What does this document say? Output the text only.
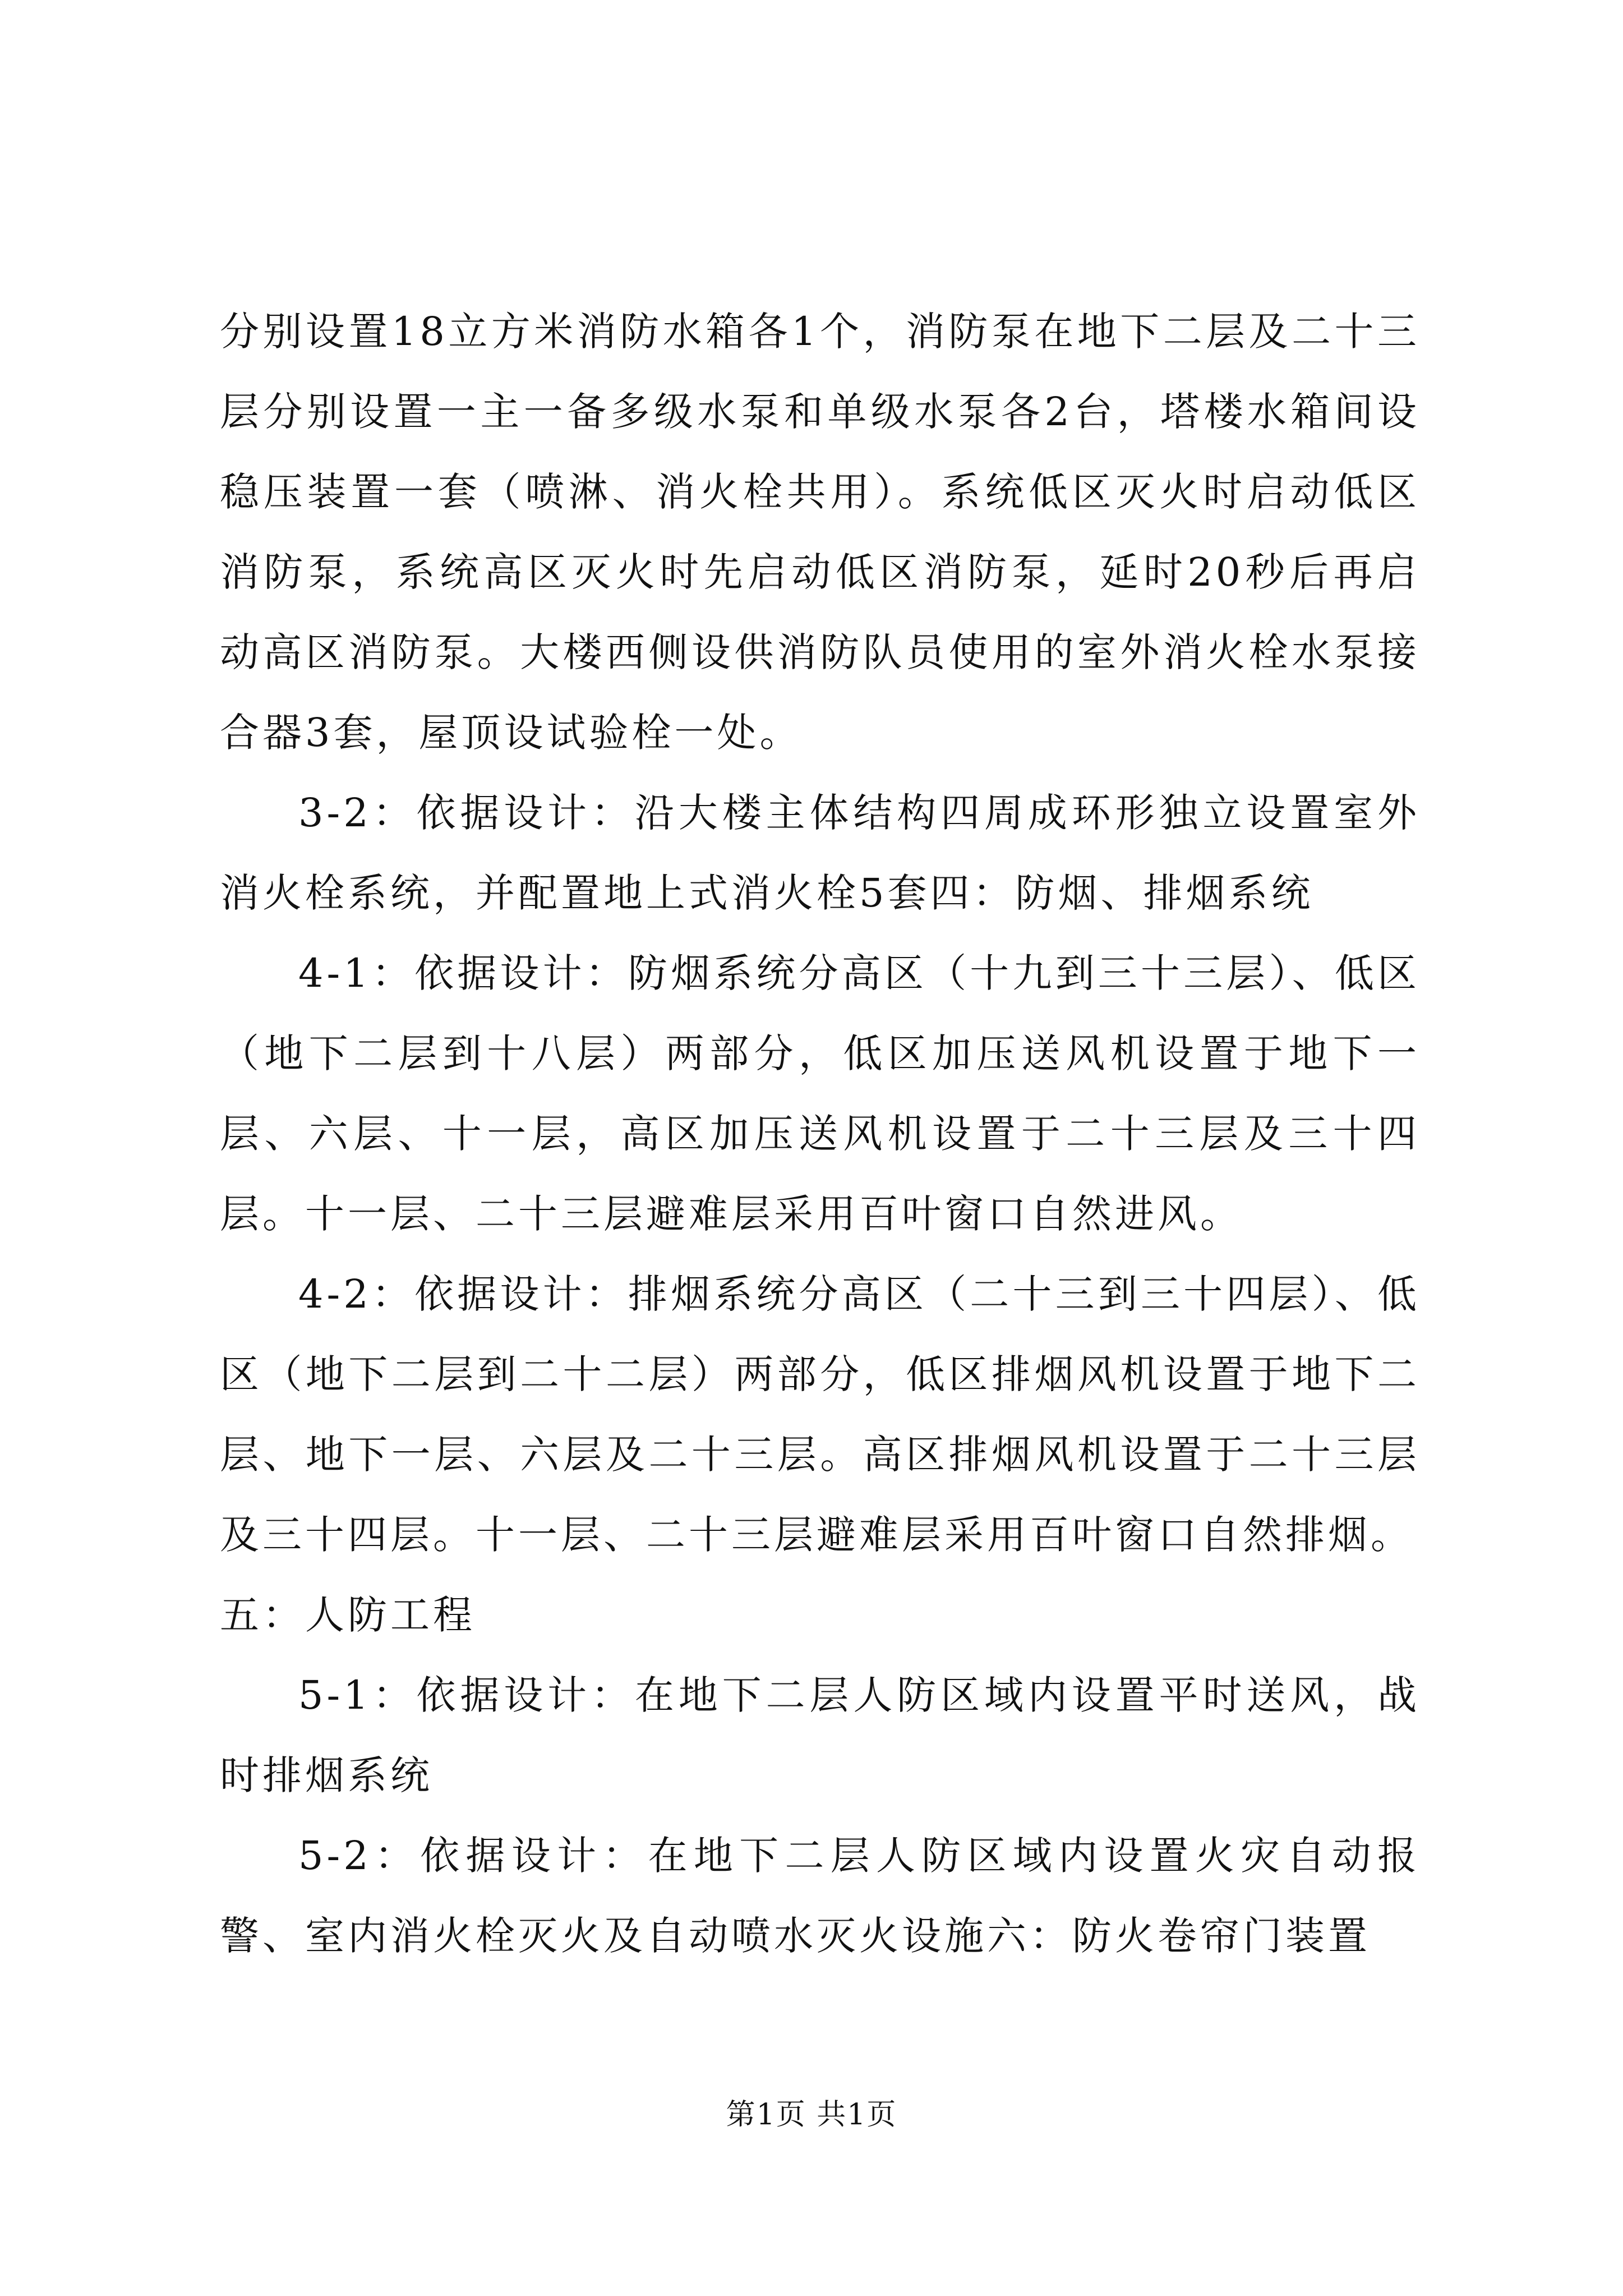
分别设置18立方米消防水箱各1个，消防泵在地下二层及二十三层分别设置一主一备多级水泵和单级水泵各2台，塔楼水箱间设稳压装置一套（喷淋、消火栓共用）。系统低区灭火时启动低区消防泵，系统高区灭火时先启动低区消防泵，延时20秒后再启动高区消防泵。大楼西侧设供消防队员使用的室外消火栓水泵接合器3套，屋顶设试验栓一处。

3-2：依据设计：沿大楼主体结构四周成环形独立设置室外消火栓系统，并配置地上式消火栓5套四：防烟、排烟系统

4-1：依据设计：防烟系统分高区（十九到三十三层）、低区（地下二层到十八层）两部分，低区加压送风机设置于地下一层、六层、十一层，高区加压送风机设置于二十三层及三十四层。十一层、二十三层避难层采用百叶窗口自然进风。

4-2：依据设计：排烟系统分高区（二十三到三十四层）、低区（地下二层到二十二层）两部分，低区排烟风机设置于地下二层、地下一层、六层及二十三层。高区排烟风机设置于二十三层及三十四层。十一层、二十三层避难层采用百叶窗口自然排烟。

五：人防工程

5-1：依据设计：在地下二层人防区域内设置平时送风，战时排烟系统

5-2：依据设计：在地下二层人防区域内设置火灾自动报警、室内消火栓灭火及自动喷水灭火设施六：防火卷帘门装置

第1页 共1页
